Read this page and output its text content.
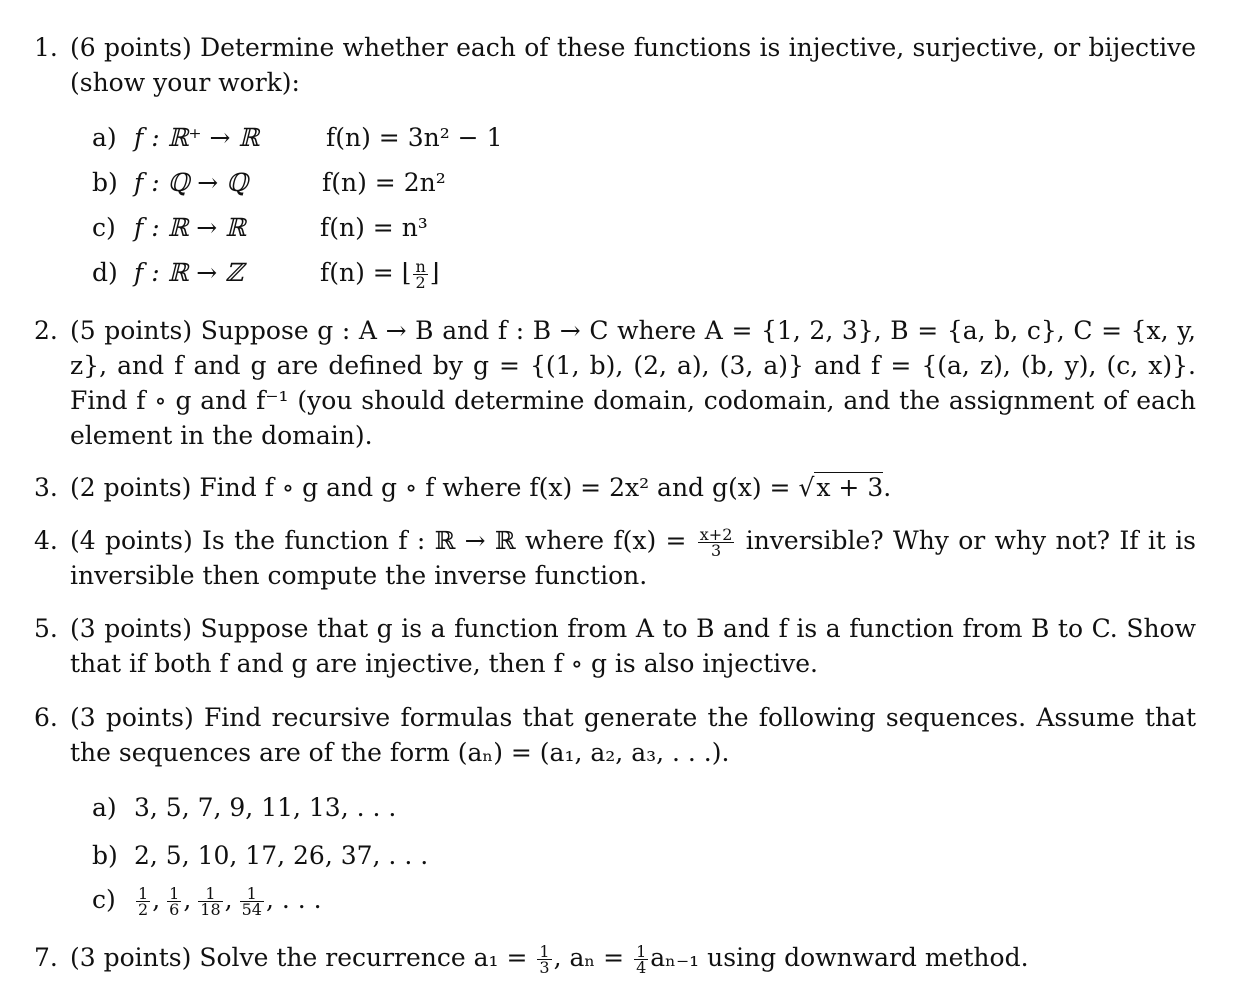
1. (6 points) Determine whether each of these functions is injective, surjective, or bijective (show your work):
a) f : ℝ⁺ → ℝ	f(n) = 3n² − 1
b) f : ℚ → ℚ	f(n) = 2n²
c) f : ℝ → ℝ	f(n) = n³
d) f : ℝ → ℤ	f(n) = ⌊ $\frac{n}{2}$ ⌋
2. (5 points) Suppose g : A → B and f : B → C where A = {1, 2, 3}, B = {a, b, c}, C = {x, y, z}, and f and g are defined by g = {(1, b), (2, a), (3, a)} and f = {(a, z), (b, y), (c, x)}. Find f ∘ g and f⁻¹ (you should determine domain, codomain, and the assignment of each element in the domain).
3. (2 points) Find f ∘ g and g ∘ f where f(x) = 2x² and g(x) = √x + 3.
4. (4 points) Is the function f : ℝ → ℝ where $f(x) = \frac{x+2}{3}$ inversible? Why or why not? If it is inversible then compute the inverse function.
5. (3 points) Suppose that g is a function from A to B and f is a function from B to C. Show that if both f and g are injective, then f ∘ g is also injective.
6. (3 points) Find recursive formulas that generate the following sequences. Assume that the sequences are of the form (aₙ) = (a₁, a₂, a₃, . . .).
a) 3, 5, 7, 9, 11, 13, . . .
b) 2, 5, 10, 17, 26, 37, . . .
$c) \frac{1}{2}$ ,  $\frac{1}{6}$ ,  $\frac{1}{18}$ ,  $\frac{1}{54}$ , . . .
7. (3 points) Solve the recurrence $a_1 = \frac{1}{3}$ , $a_n = \frac{1}{4} a_{n-1}$ using downward method.
